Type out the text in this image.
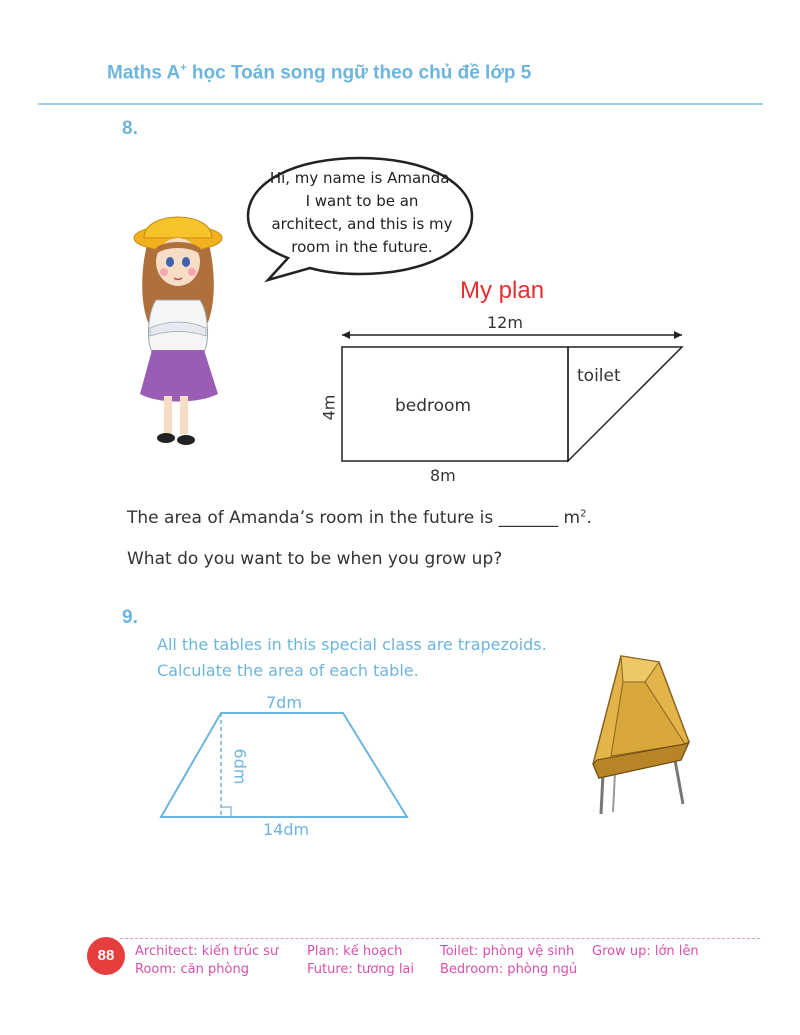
Maths A+ học Toán song ngữ theo chủ đề lớp 5
8.
Hi, my name is Amanda.
I want to be an
architect, and this is my
room in the future.
My plan
12m
4m
8m
bedroom
toilet
The area of Amanda’s room in the future is _______ $m^2$.
What do you want to be when you grow up?
9.
All the tables in this special class are trapezoids.
Calculate the area of each table.
7dm
6dm
14dm
88	Architect: kiến trúc sư
Room: căn phòng
Plan: kế hoạch
Future: tương lai
Toilet: phòng vệ sinh
Bedroom: phòng ngủ
Grow up: lớn lên
